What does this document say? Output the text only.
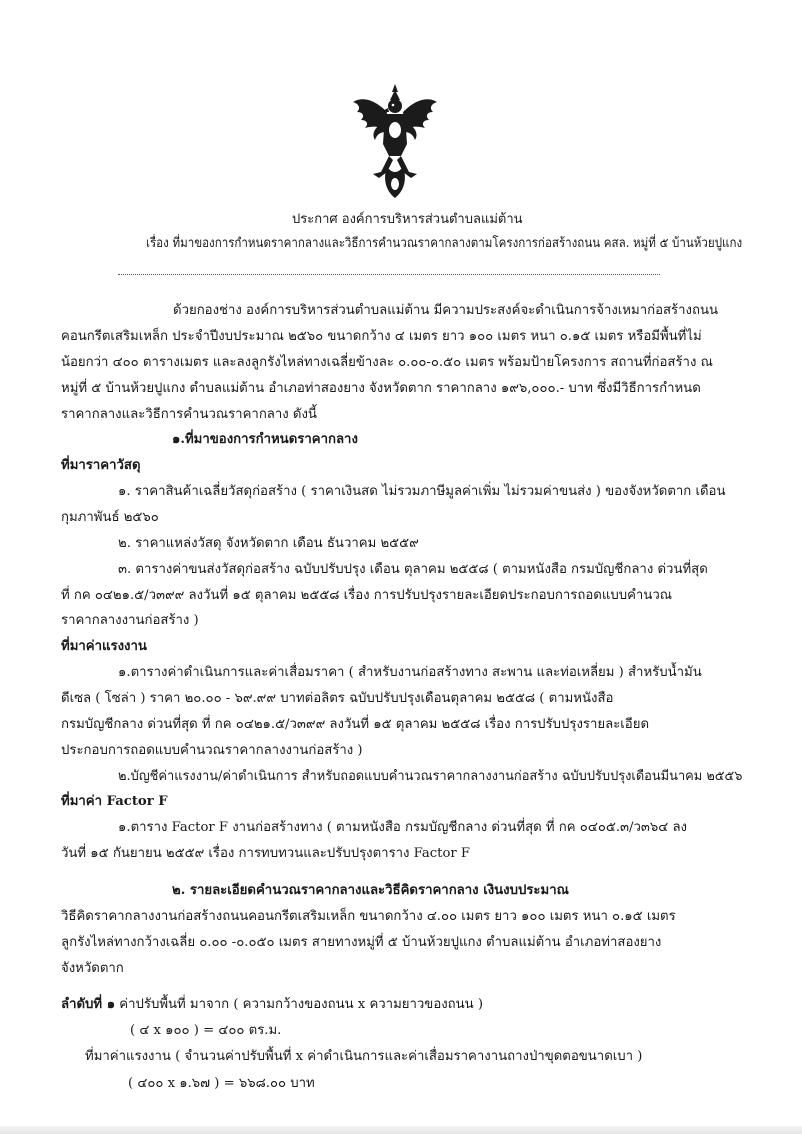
ประกาศ องค์การบริหารส่วนตำบลแม่ต้าน
เรื่อง ที่มาของการกำหนดราคากลางและวิธีการคำนวณราคากลางตามโครงการก่อสร้างถนน คสล. หมู่ที่ ๕ บ้านห้วยปูแกง
ด้วยกองช่าง องค์การบริหารส่วนตำบลแม่ต้าน มีความประสงค์จะดำเนินการจ้างเหมาก่อสร้างถนน
คอนกรีตเสริมเหล็ก ประจำปีงบประมาณ ๒๕๖๐ ขนาดกว้าง ๔ เมตร ยาว ๑๐๐ เมตร หนา ๐.๑๕ เมตร หรือมีพื้นที่ไม่
น้อยกว่า ๔๐๐ ตารางเมตร และลงลูกรังไหล่ทางเฉลี่ยข้างละ ๐.๐๐-๐.๕๐ เมตร พร้อมป้ายโครงการ สถานที่ก่อสร้าง ณ
หมู่ที่ ๕ บ้านห้วยปูแกง ตำบลแม่ต้าน อำเภอท่าสองยาง จังหวัดตาก ราคากลาง ๑๙๖,๐๐๐.- บาท ซึ่งมีวิธีการกำหนด
ราคากลางและวิธีการคำนวณราคากลาง ดังนี้
๑.ที่มาของการกำหนดราคากลาง
ที่มาราคาวัสดุ
๑. ราคาสินค้าเฉลี่ยวัสดุก่อสร้าง ( ราคาเงินสด ไม่รวมภาษีมูลค่าเพิ่ม ไม่รวมค่าขนส่ง ) ของจังหวัดตาก เดือน
กุมภาพันธ์ ๒๕๖๐
๒. ราคาแหล่งวัสดุ จังหวัดตาก เดือน ธันวาคม ๒๕๕๙
๓. ตารางค่าขนส่งวัสดุก่อสร้าง ฉบับปรับปรุง เดือน ตุลาคม ๒๕๕๘ ( ตามหนังสือ กรมบัญชีกลาง ด่วนที่สุด
ที่ กค ๐๔๒๑.๕/ว๓๙๙ ลงวันที่ ๑๕ ตุลาคม ๒๕๕๘ เรื่อง การปรับปรุงรายละเอียดประกอบการถอดแบบคำนวณ
ราคากลางงานก่อสร้าง )
ที่มาค่าแรงงาน
๑.ตารางค่าดำเนินการและค่าเสื่อมราคา ( สำหรับงานก่อสร้างทาง สะพาน และท่อเหลี่ยม ) สำหรับน้ำมัน
ดีเซล ( โซล่า ) ราคา ๒๐.๐๐ - ๖๙.๙๙ บาทต่อลิตร ฉบับปรับปรุงเดือนตุลาคม ๒๕๕๘ ( ตามหนังสือ
กรมบัญชีกลาง ด่วนที่สุด ที่ กค ๐๔๒๑.๕/ว๓๙๙ ลงวันที่ ๑๕ ตุลาคม ๒๕๕๘ เรื่อง การปรับปรุงรายละเอียด
ประกอบการถอดแบบคำนวณราคากลางงานก่อสร้าง )
๒.บัญชีค่าแรงงาน/ค่าดำเนินการ สำหรับถอดแบบคำนวณราคากลางงานก่อสร้าง ฉบับปรับปรุงเดือนมีนาคม ๒๕๕๖
ที่มาค่า Factor F
๑.ตาราง Factor F งานก่อสร้างทาง ( ตามหนังสือ กรมบัญชีกลาง ด่วนที่สุด ที่ กค ๐๔๐๕.๓/ว๓๖๔ ลง
วันที่ ๑๕ กันยายน ๒๕๕๙ เรื่อง การทบทวนและปรับปรุงตาราง Factor F
๒. รายละเอียดคำนวณราคากลางและวิธีคิดราคากลาง เงินงบประมาณ
วิธีคิดราคากลางงานก่อสร้างถนนคอนกรีตเสริมเหล็ก ขนาดกว้าง ๔.๐๐ เมตร ยาว ๑๐๐ เมตร หนา ๐.๑๕ เมตร
ลูกรังไหล่ทางกว้างเฉลี่ย ๐.๐๐ -๐.๐๕๐ เมตร สายทางหมู่ที่ ๕ บ้านห้วยปูแกง ตำบลแม่ต้าน อำเภอท่าสองยาง
จังหวัดตาก
ลำดับที่ ๑ ค่าปรับพื้นที่ มาจาก ( ความกว้างของถนน x ความยาวของถนน )
( ๔ x ๑๐๐ ) = ๔๐๐ ตร.ม.
ที่มาค่าแรงงาน ( จำนวนค่าปรับพื้นที่ x ค่าดำเนินการและค่าเสื่อมราคางานถางป่าขุดตอขนาดเบา )
( ๔๐๐ x ๑.๖๗ ) = ๖๖๘.๐๐ บาท
